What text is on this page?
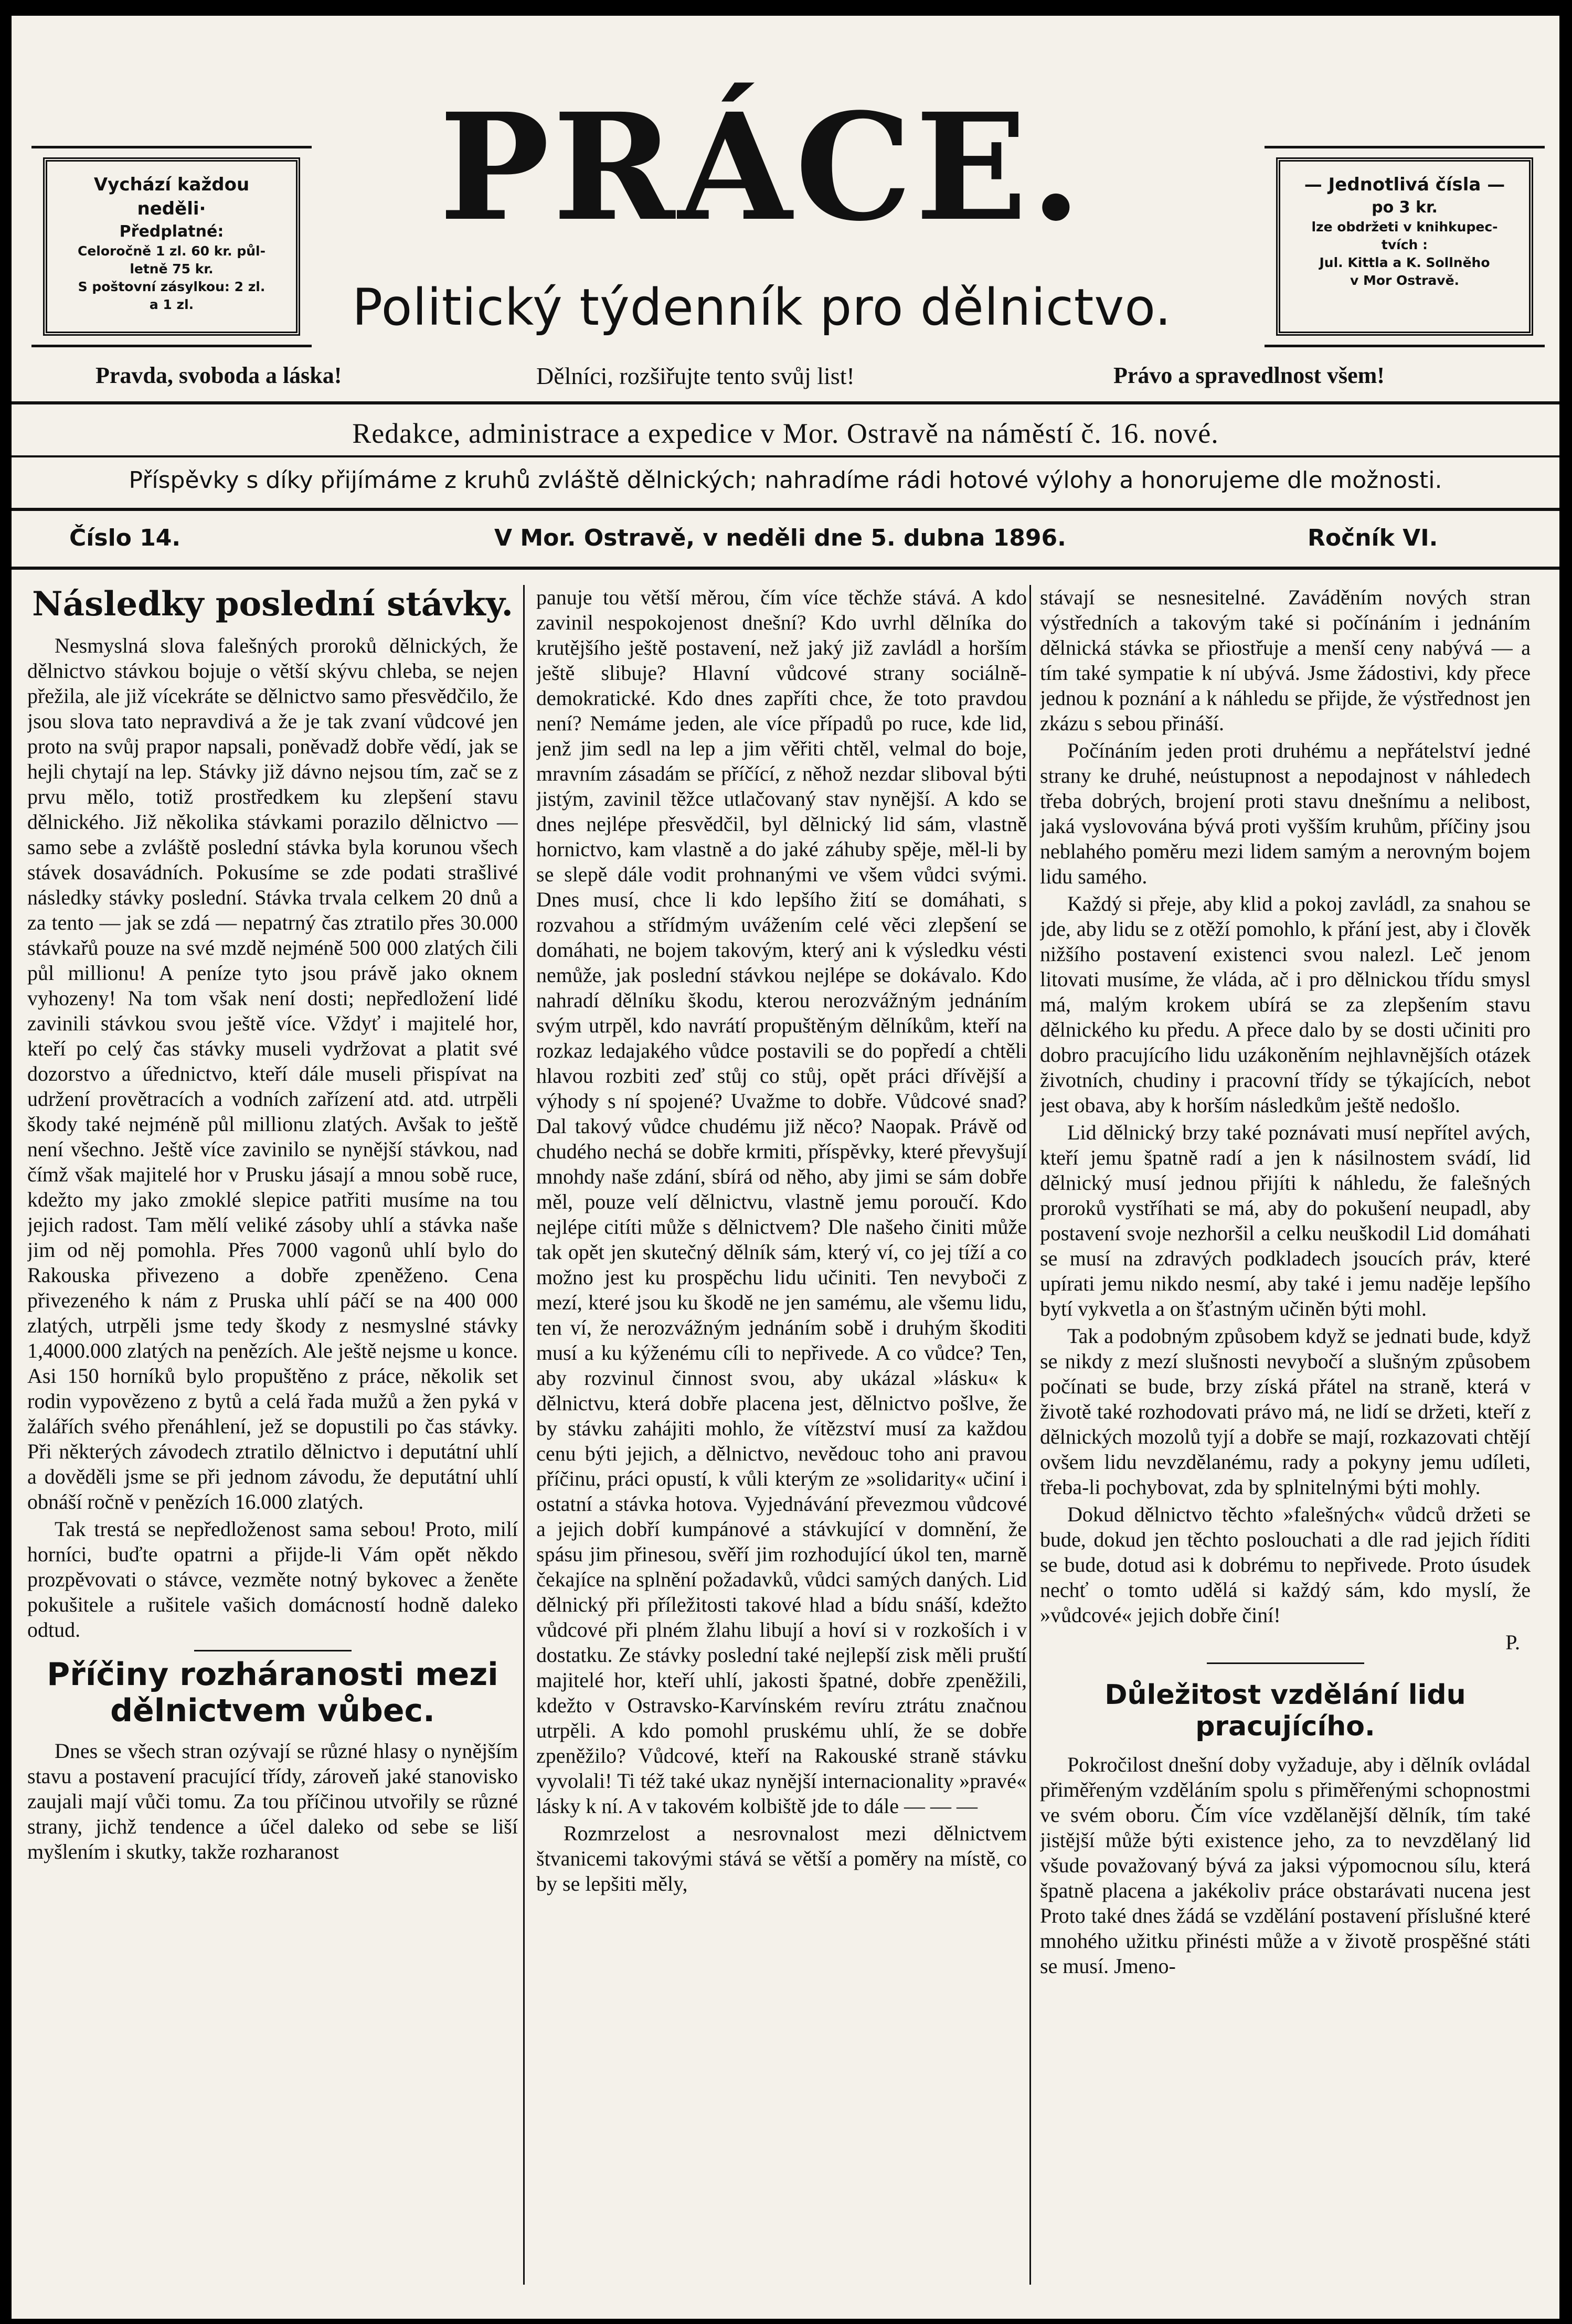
Vychází každou neděli·
Předplatné:
Celoročně 1 zl. 60 kr. půl-
letně 75 kr.
S poštovní zásylkou: 2 zl.
a 1 zl.
PRÁCE.
Politický týdenník pro dělnictvo.
— Jednotlivá čísla —
po 3 kr.
lze obdržeti v knihkupec-
tvích :
Jul. Kittla a K. Sollněho
v Mor Ostravě.
Pravda, svoboda a láska!	Dělníci, rozšiřujte tento svůj list!	Právo a spravedlnost všem!
Redakce, administrace a expedice v Mor. Ostravě na náměstí č. 16. nové.
Příspěvky s díky přijímáme z kruhů zvláště dělnických; nahradíme rádi hotové výlohy a honorujeme dle možnosti.
Číslo 14.	V Mor. Ostravě, v neděli dne 5. dubna 1896.	Ročník VI.
Následky poslední stávky.

Nesmyslná slova falešných proroků dělnických, že dělnictvo stávkou bojuje o větší skývu chleba, se nejen přežila, ale již vícekráte se dělnictvo samo přesvědčilo, že jsou slova tato nepravdivá a že je tak zvaní vůdcové jen proto na svůj prapor napsali, poněvadž dobře vědí, jak se hejli chytají na lep. Stávky již dávno nejsou tím, zač se z prvu mělo, totiž prostředkem ku zlepšení stavu dělnického. Již několika stávkami porazilo dělnictvo — samo sebe a zvláště poslední stávka byla korunou všech stávek dosavádních. Pokusíme se zde podati strašlivé následky stávky poslední. Stávka trvala celkem 20 dnů a za tento — jak se zdá — nepatrný čas ztratilo přes 30.000 stávkařů pouze na své mzdě nejméně 500 000 zlatých čili půl millionu! A peníze tyto jsou právě jako oknem vyhozeny! Na tom však není dosti; nepředložení lidé zavinili stávkou svou ještě více. Vždyť i majitelé hor, kteří po celý čas stávky museli vydržovat a platit své dozorstvo a úřednictvo, kteří dále museli přispívat na udržení provětracích a vodních zařízení atd. atd. utrpěli škody také nejméně půl millionu zlatých. Avšak to ještě není všechno. Ještě více zavinilo se nynější stávkou, nad čímž však majitelé hor v Prusku jásají a mnou sobě ruce, kdežto my jako zmoklé slepice patřiti musíme na tou jejich radost. Tam mělí veliké zásoby uhlí a stávka naše jim od něj pomohla. Přes 7000 vagonů uhlí bylo do Rakouska přivezeno a dobře zpeněženo. Cena přivezeného k nám z Pruska uhlí páčí se na 400 000 zlatých, utrpěli jsme tedy škody z nesmyslné stávky 1,4000.000 zlatých na penězích. Ale ještě nejsme u konce. Asi 150 horníků bylo propuštěno z práce, několik set rodin vypovězeno z bytů a celá řada mužů a žen pyká v žalářích svého přenáhlení, jež se dopustili po čas stávky. Při některých závodech ztratilo dělnictvo i deputátní uhlí a dověděli jsme se při jednom závodu, že deputátní uhlí obnáší ročně v penězích 16.000 zlatých.

Tak trestá se nepředloženost sama sebou! Proto, milí horníci, buďte opatrni a přijde-li Vám opět někdo prozpěvovati o stávce, vezměte notný bykovec a ženěte pokušitele a rušitele vašich domácností hodně daleko odtud.

Příčiny rozháranosti mezi dělnictvem vůbec.

Dnes se všech stran ozývají se různé hlasy o nynějším stavu a postavení pracující třídy, zároveň jaké stanovisko zaujali mají vůči tomu. Za tou příčinou utvořily se různé strany, jichž tendence a účel daleko od sebe se liší myšlením i skutky, takže rozharanost

panuje tou větší měrou, čím více těchže stává. A kdo zavinil nespokojenost dnešní? Kdo uvrhl dělníka do krutějšího ještě postavení, než jaký již zavládl a horším ještě slibuje? Hlavní vůdcové strany sociálně-demokratické. Kdo dnes zapříti chce, že toto pravdou není? Nemáme jeden, ale více případů po ruce, kde lid, jenž jim sedl na lep a jim věřiti chtěl, velmal do boje, mravním zásadám se příčící, z něhož nezdar sliboval býti jistým, zavinil těžce utlačovaný stav nynější. A kdo se dnes nejlépe přesvědčil, byl dělnický lid sám, vlastně hornictvo, kam vlastně a do jaké záhuby spěje, měl-li by se slepě dále vodit prohnanými ve všem vůdci svými. Dnes musí, chce li kdo lepšího žití se domáhati, s rozvahou a střídmým uvážením celé věci zlepšení se domáhati, ne bojem takovým, který ani k výsledku vésti nemůže, jak poslední stávkou nejlépe se dokávalo. Kdo nahradí dělníku škodu, kterou nerozvážným jednáním svým utrpěl, kdo navrátí propuštěným dělníkům, kteří na rozkaz ledajakého vůdce postavili se do popředí a chtěli hlavou rozbiti zeď stůj co stůj, opět práci dřívější a výhody s ní spojené? Uvažme to dobře. Vůdcové snad? Dal takový vůdce chudému již něco? Naopak. Právě od chudého nechá se dobře krmiti, příspěvky, které převyšují mnohdy naše zdání, sbírá od něho, aby jimi se sám dobře měl, pouze velí dělnictvu, vlastně jemu poroučí. Kdo nejlépe citíti může s dělnictvem? Dle našeho činiti může tak opět jen skutečný dělník sám, který ví, co jej tíží a co možno jest ku prospěchu lidu učiniti. Ten nevyboči z mezí, které jsou ku škodě ne jen samému, ale všemu lidu, ten ví, že nerozvážným jednáním sobě i druhým škoditi musí a ku kýženému cíli to nepřivede. A co vůdce? Ten, aby rozvinul činnost svou, aby ukázal »lásku« k dělnictvu, která dobře placena jest, dělnictvo pošlve, že by stávku zahájiti mohlo, že vítězství musí za každou cenu býti jejich, a dělnictvo, nevědouc toho ani pravou příčinu, práci opustí, k vůli kterým ze »solidarity« učiní i ostatní a stávka hotova. Vyjednávání převezmou vůdcové a jejich dobří kumpánové a stávkující v domnění, že spásu jim přinesou, svěří jim rozhodující úkol ten, marně čekajíce na splnění požadavků, vůdci samých daných. Lid dělnický při příležitosti takové hlad a bídu snáší, kdežto vůdcové při plném žlahu libují a hoví si v rozkoších i v dostatku. Ze stávky poslední také nejlepší zisk měli pruští majitelé hor, kteří uhlí, jakosti špatné, dobře zpeněžili, kdežto v Ostravsko-Karvínském revíru ztrátu značnou utrpěli. A kdo pomohl pruskému uhlí, že se dobře zpeněžilo? Vůdcové, kteří na Rakouské straně stávku vyvolali! Ti též také ukaz nynější internacionality »pravé« lásky k ní. A v takovém kolbiště jde to dále — — —

Rozmrzelost a nesrovnalost mezi dělnictvem štvanicemi takovými stává se větší a poměry na místě, co by se lepšiti měly,

stávají se nesnesitelné. Zaváděním nových stran výstředních a takovým také si počínáním i jednáním dělnická stávka se přiostřuje a menší ceny nabývá — a tím také sympatie k ní ubývá. Jsme žádostivi, kdy přece jednou k poznání a k náhledu se přijde, že výstřednost jen zkázu s sebou přináší.

Počínáním jeden proti druhému a nepřátelství jedné strany ke druhé, neústupnost a nepodajnost v náhledech třeba dobrých, brojení proti stavu dnešnímu a nelibost, jaká vyslovována bývá proti vyšším kruhům, příčiny jsou neblahého poměru mezi lidem samým a nerovným bojem lidu samého.

Každý si přeje, aby klid a pokoj zavládl, za snahou se jde, aby lidu se z otěží pomohlo, k přání jest, aby i člověk nižšího postavení existenci svou nalezl. Leč jenom litovati musíme, že vláda, ač i pro dělnickou třídu smysl má, malým krokem ubírá se za zlepšením stavu dělnického ku předu. A přece dalo by se dosti učiniti pro dobro pracujícího lidu uzákoněním nejhlavnějších otázek životních, chudiny i pracovní třídy se týkajících, nebot jest obava, aby k horším následkům ještě nedošlo.

Lid dělnický brzy také poznávati musí nepřítel avých, kteří jemu špatně radí a jen k násilnostem svádí, lid dělnický musí jednou přijíti k náhledu, že falešných proroků vystříhati se má, aby do pokušení neupadl, aby postavení svoje nezhoršil a celku neuškodil Lid domáhati se musí na zdravých podkladech jsoucích práv, které upírati jemu nikdo nesmí, aby také i jemu naděje lepšího bytí vykvetla a on šťastným učiněn býti mohl.

Tak a podobným způsobem když se jednati bude, když se nikdy z mezí slušnosti nevybočí a slušným způsobem počínati se bude, brzy získá přátel na straně, která v životě také rozhodovati právo má, ne lidí se držeti, kteří z dělnických mozolů tyjí a dobře se mají, rozkazovati chtějí ovšem lidu nevzdělanému, rady a pokyny jemu udíleti, třeba-li pochybovat, zda by splnitelnými býti mohly.

Dokud dělnictvo těchto »falešných« vůdců držeti se bude, dokud jen těchto poslouchati a dle rad jejich říditi se bude, dotud asi k dobrému to nepřivede. Proto úsudek nechť o tomto udělá si každý sám, kdo myslí, že »vůdcové« jejich dobře činí!

P.
Důležitost vzdělání lidu pracujícího.

Pokročilost dnešní doby vyžaduje, aby i dělník ovládal přiměřeným vzděláním spolu s přiměřenými schopnostmi ve svém oboru. Čím více vzdělanější dělník, tím také jistější může býti existence jeho, za to nevzdělaný lid všude považovaný bývá za jaksi výpomocnou sílu, která špatně placena a jakékoliv práce obstarávati nucena jest Proto také dnes žádá se vzdělání postavení příslušné které mnohého užitku přinésti může a v životě prospěšné státi se musí. Jmeno-
